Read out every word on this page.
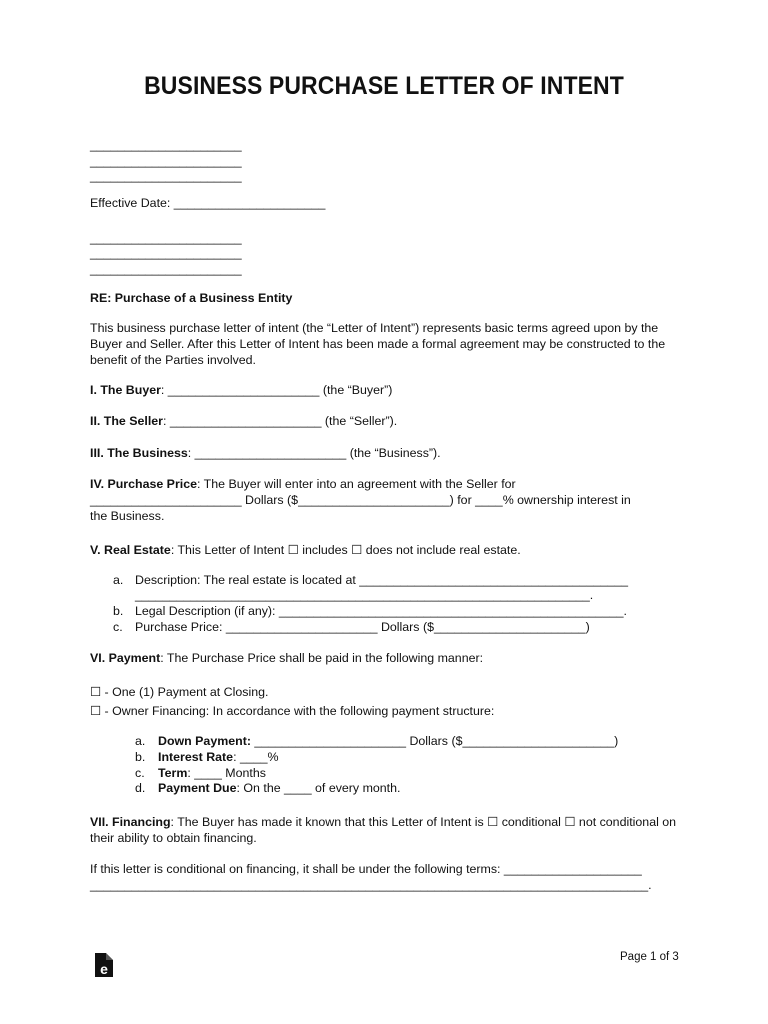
BUSINESS PURCHASE LETTER OF INTENT
______________________
______________________
______________________
Effective Date: ______________________
______________________
______________________
______________________
RE: Purchase of a Business Entity
This business purchase letter of intent (the “Letter of Intent”) represents basic terms agreed upon by the Buyer and Seller. After this Letter of Intent has been made a formal agreement may be constructed to the benefit of the Parties involved.
I. The Buyer: ______________________ (the “Buyer”)
II. The Seller: ______________________ (the “Seller”).
III. The Business: ______________________ (the “Business”).
IV. Purchase Price: The Buyer will enter into an agreement with the Seller for
______________________ Dollars ($______________________) for ____% ownership interest in
the Business.
V. Real Estate: This Letter of Intent ☐ includes ☐ does not include real estate.
a. Description: The real estate is located at _______________________________________
__________________________________________________________________.
b. Legal Description (if any): __________________________________________________.
c. Purchase Price: ______________________ Dollars ($______________________)
VI. Payment: The Purchase Price shall be paid in the following manner:
☐ - One (1) Payment at Closing.
☐ - Owner Financing: In accordance with the following payment structure:
a. Down Payment: ______________________ Dollars ($______________________)
b. Interest Rate: ____%
c. Term: ____ Months
d. Payment Due: On the ____ of every month.
VII. Financing: The Buyer has made it known that this Letter of Intent is ☐ conditional ☐ not conditional on their ability to obtain financing.
If this letter is conditional on financing, it shall be under the following terms: ____________________
_________________________________________________________________________________.
e
Page 1 of 3
